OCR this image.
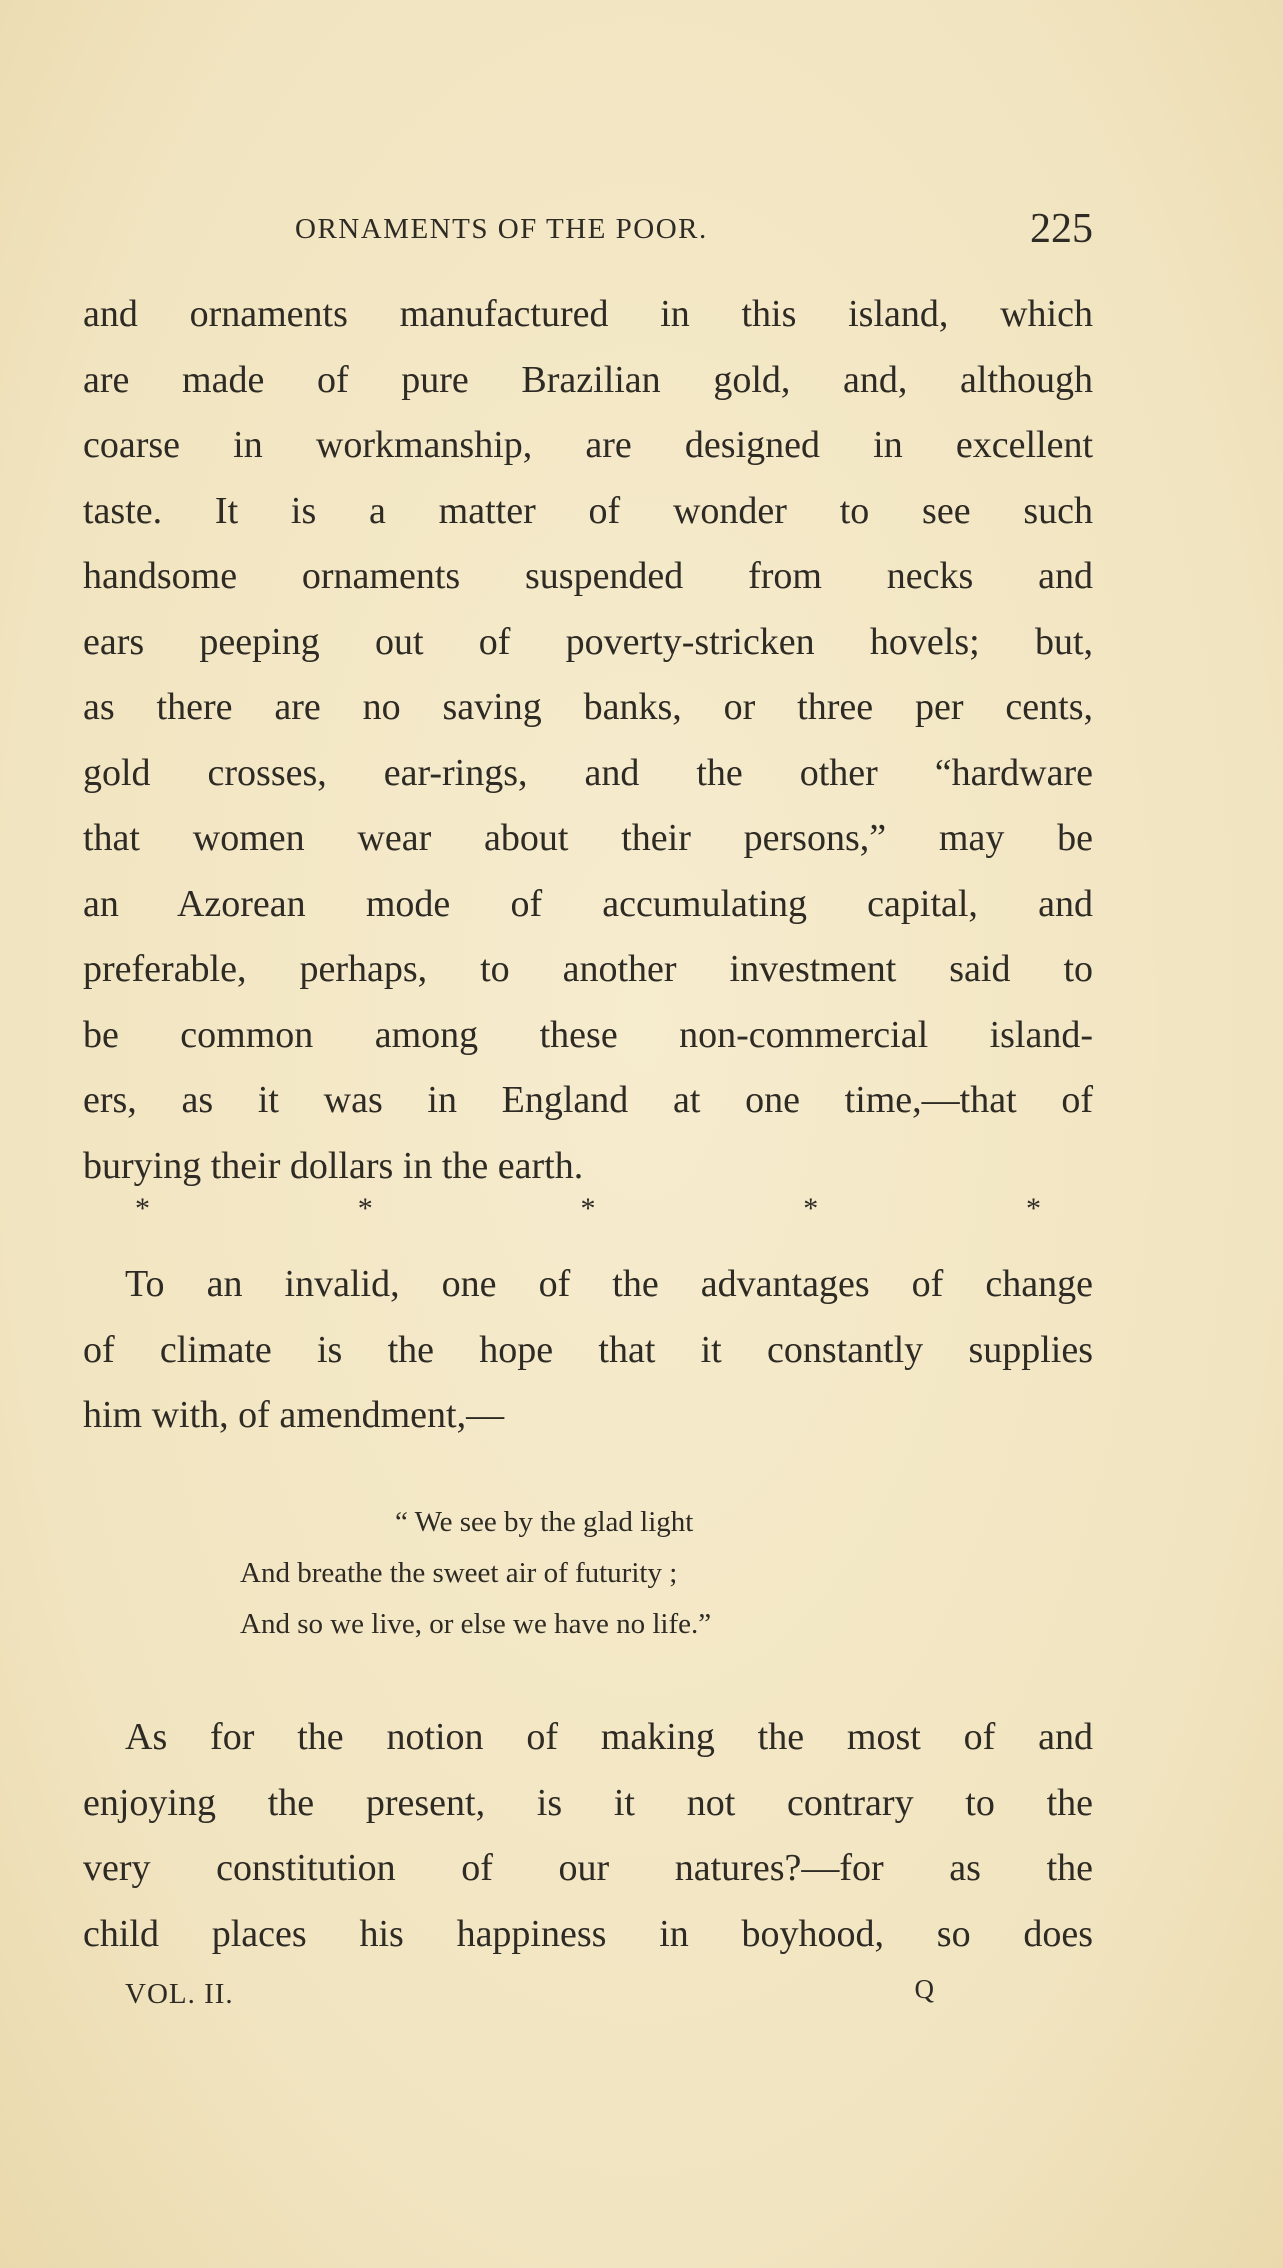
ORNAMENTS OF THE POOR.	225
and ornaments manufactured in this island, which
are made of pure Brazilian gold, and, although
coarse in workmanship, are designed in excellent
taste. It is a matter of wonder to see such
handsome ornaments suspended from necks and
ears peeping out of poverty-stricken hovels; but,
as there are no saving banks, or three per cents,
gold crosses, ear-rings, and the other “hardware
that women wear about their persons,” may be
an Azorean mode of accumulating capital, and
preferable, perhaps, to another investment said to
be common among these non-commercial island-
ers, as it was in England at one time,—that of
burying their dollars in the earth.
*	*	*	*	*
To an invalid, one of the advantages of change
of climate is the hope that it constantly supplies
him with, of amendment,—
“ We see by the glad light
And breathe the sweet air of futurity ;
And so we live, or else we have no life.”
As for the notion of making the most of and
enjoying the present, is it not contrary to the
very constitution of our natures?—for as the
child places his happiness in boyhood, so does
VOL. II.	Q
